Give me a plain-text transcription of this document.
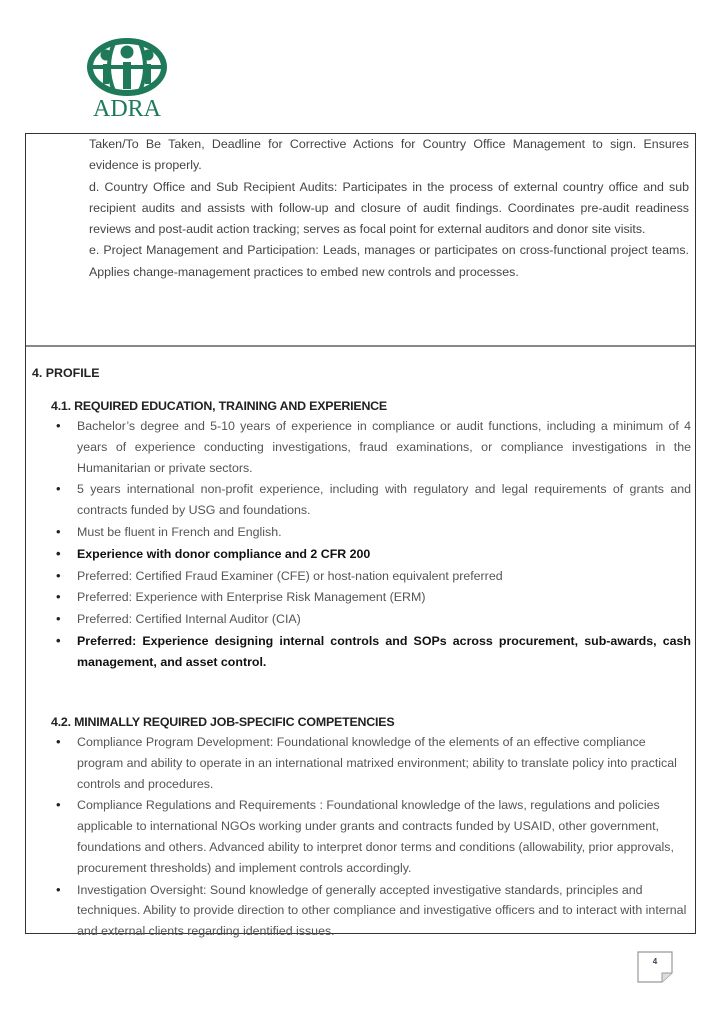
ADRA

Taken/To Be Taken, Deadline for Corrective Actions for Country Office Management to sign. Ensures evidence is properly.

d. Country Office and Sub Recipient Audits: Participates in the process of external country office and sub recipient audits and assists with follow-up and closure of audit findings. Coordinates pre-audit readiness reviews and post-audit action tracking; serves as focal point for external auditors and donor site visits.

e. Project Management and Participation: Leads, manages or participates on cross-functional project teams. Applies change-management practices to embed new controls and processes.

4. PROFILE
4.1. REQUIRED EDUCATION, TRAINING AND EXPERIENCE
• Bachelor’s degree and 5-10 years of experience in compliance or audit functions, including a minimum of 4 years of experience conducting investigations, fraud examinations, or compliance investigations in the Humanitarian or private sectors.
• 5 years international non-profit experience, including with regulatory and legal requirements of grants and contracts funded by USG and foundations.
• Must be fluent in French and English.
• Experience with donor compliance and 2 CFR 200
• Preferred: Certified Fraud Examiner (CFE) or host-nation equivalent preferred
• Preferred: Experience with Enterprise Risk Management (ERM)
• Preferred: Certified Internal Auditor (CIA)
• Preferred: Experience designing internal controls and SOPs across procurement, sub-awards, cash management, and asset control.
4.2. MINIMALLY REQUIRED JOB-SPECIFIC COMPETENCIES
• Compliance Program Development: Foundational knowledge of the elements of an effective compliance program and ability to operate in an international matrixed environment; ability to translate policy into practical controls and procedures.
• Compliance Regulations and Requirements : Foundational knowledge of the laws, regulations and policies applicable to international NGOs working under grants and contracts funded by USAID, other government, foundations and others. Advanced ability to interpret donor terms and conditions (allowability, prior approvals, procurement thresholds) and implement controls accordingly.
• Investigation Oversight: Sound knowledge of generally accepted investigative standards, principles and techniques. Ability to provide direction to other compliance and investigative officers and to interact with internal and external clients regarding identified issues.
4
